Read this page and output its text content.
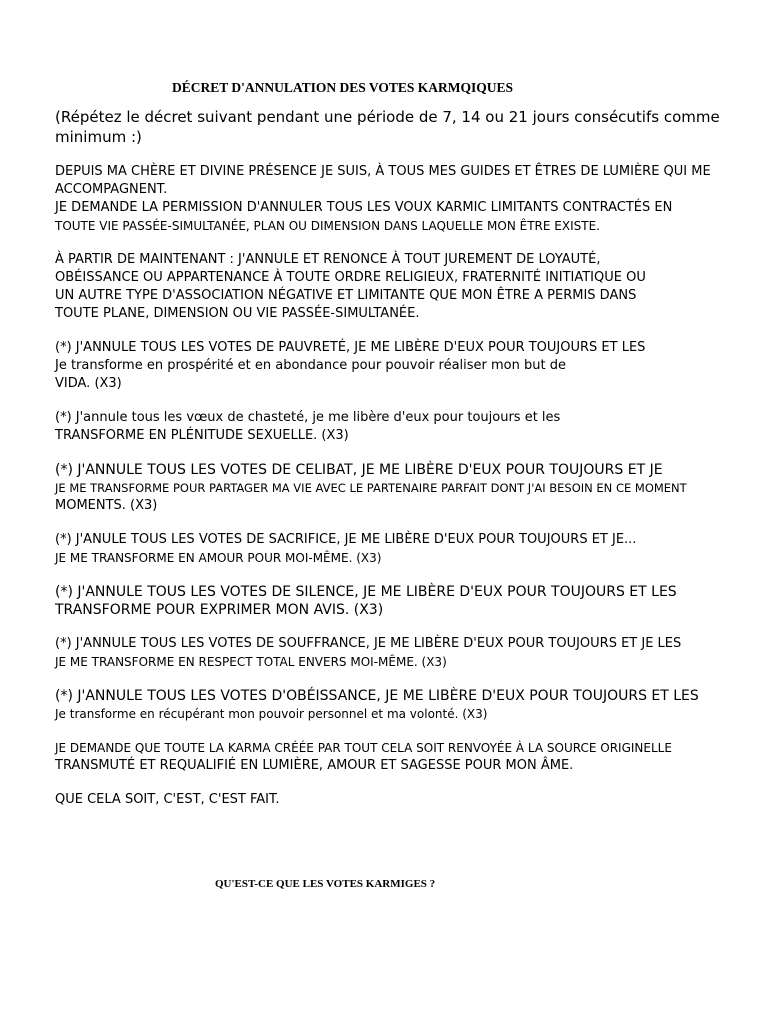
DÉCRET D'ANNULATION DES VOTES KARMQIQUES
(Répétez le décret suivant pendant une période de 7, 14 ou 21 jours consécutifs comme minimum :)
DEPUIS MA CHÈRE ET DIVINE PRÉSENCE JE SUIS, À TOUS MES GUIDES ET ÊTRES DE LUMIÈRE QUI ME
ACCOMPAGNENT.
JE DEMANDE LA PERMISSION D'ANNULER TOUS LES VOUX KARMIC LIMITANTS CONTRACTÉS EN
TOUTE VIE PASSÉE-SIMULTANÉE, PLAN OU DIMENSION DANS LAQUELLE MON ÊTRE EXISTE.
À PARTIR DE MAINTENANT : J'ANNULE ET RENONCE À TOUT JUREMENT DE LOYAUTÉ,
OBÉISSANCE OU APPARTENANCE À TOUTE ORDRE RELIGIEUX, FRATERNITÉ INITIATIQUE OU
UN AUTRE TYPE D'ASSOCIATION NÉGATIVE ET LIMITANTE QUE MON ÊTRE A PERMIS DANS
TOUTE PLANE, DIMENSION OU VIE PASSÉE-SIMULTANÉE.
(*) J'ANNULE TOUS LES VOTES DE PAUVRETÉ, JE ME LIBÈRE D'EUX POUR TOUJOURS ET LES
Je transforme en prospérité et en abondance pour pouvoir réaliser mon but de
VIDA. (X3)
(*) J'annule tous les vœux de chasteté, je me libère d'eux pour toujours et les
TRANSFORME EN PLÉNITUDE SEXUELLE. (X3)
(*) J'ANNULE TOUS LES VOTES DE CELIBAT, JE ME LIBÈRE D'EUX POUR TOUJOURS ET JE
JE ME TRANSFORME POUR PARTAGER MA VIE AVEC LE PARTENAIRE PARFAIT DONT J'AI BESOIN EN CE MOMENT
MOMENTS. (X3)
(*) J'ANULE TOUS LES VOTES DE SACRIFICE, JE ME LIBÈRE D'EUX POUR TOUJOURS ET JE...
JE ME TRANSFORME EN AMOUR POUR MOI-MÊME. (X3)
(*) J'ANNULE TOUS LES VOTES DE SILENCE, JE ME LIBÈRE D'EUX POUR TOUJOURS ET LES
TRANSFORME POUR EXPRIMER MON AVIS. (X3)
(*) J'ANNULE TOUS LES VOTES DE SOUFFRANCE, JE ME LIBÈRE D'EUX POUR TOUJOURS ET JE LES
JE ME TRANSFORME EN RESPECT TOTAL ENVERS MOI-MÊME. (X3)
(*) J'ANNULE TOUS LES VOTES D'OBÉISSANCE, JE ME LIBÈRE D'EUX POUR TOUJOURS ET LES
Je transforme en récupérant mon pouvoir personnel et ma volonté. (X3)
JE DEMANDE QUE TOUTE LA KARMA CRÉÉE PAR TOUT CELA SOIT RENVOYÉE À LA SOURCE ORIGINELLE
TRANSMUTÉ ET REQUALIFIÉ EN LUMIÈRE, AMOUR ET SAGESSE POUR MON ÂME.
QUE CELA SOIT, C'EST, C'EST FAIT.
QU'EST-CE QUE LES VOTES KARMIGES ?
